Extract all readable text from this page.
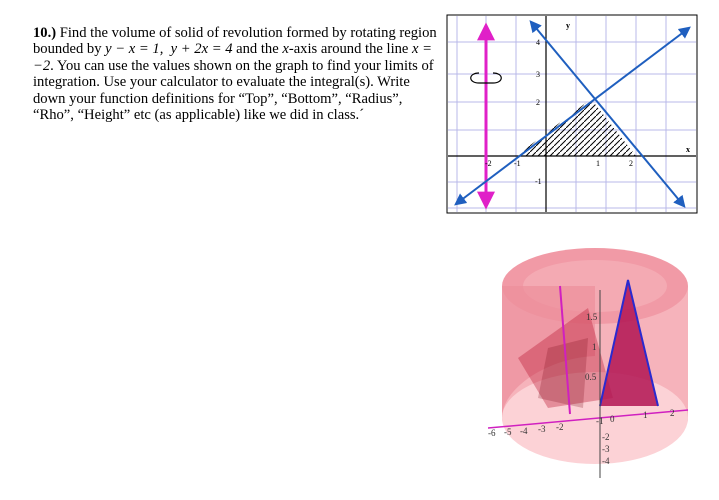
10.) Find the volume of solid of revolution formed by rotating region bounded by y − x = 1, y + 2x = 4 and the x-axis around the line x = −2. You can use the values shown on the graph to find your limits of integration. Use your calculator to evaluate the integral(s). Write down your function definitions for “Top”, “Bottom”, “Radius”, “Rho”, “Height” etc (as applicable) like we did in class.´

-2	-1	1	2
-1
2
3
4
x
y
1.5
1
0.5
-6 -5 -4 -3 -2
-1 0	1	2
-2
-3
-4
